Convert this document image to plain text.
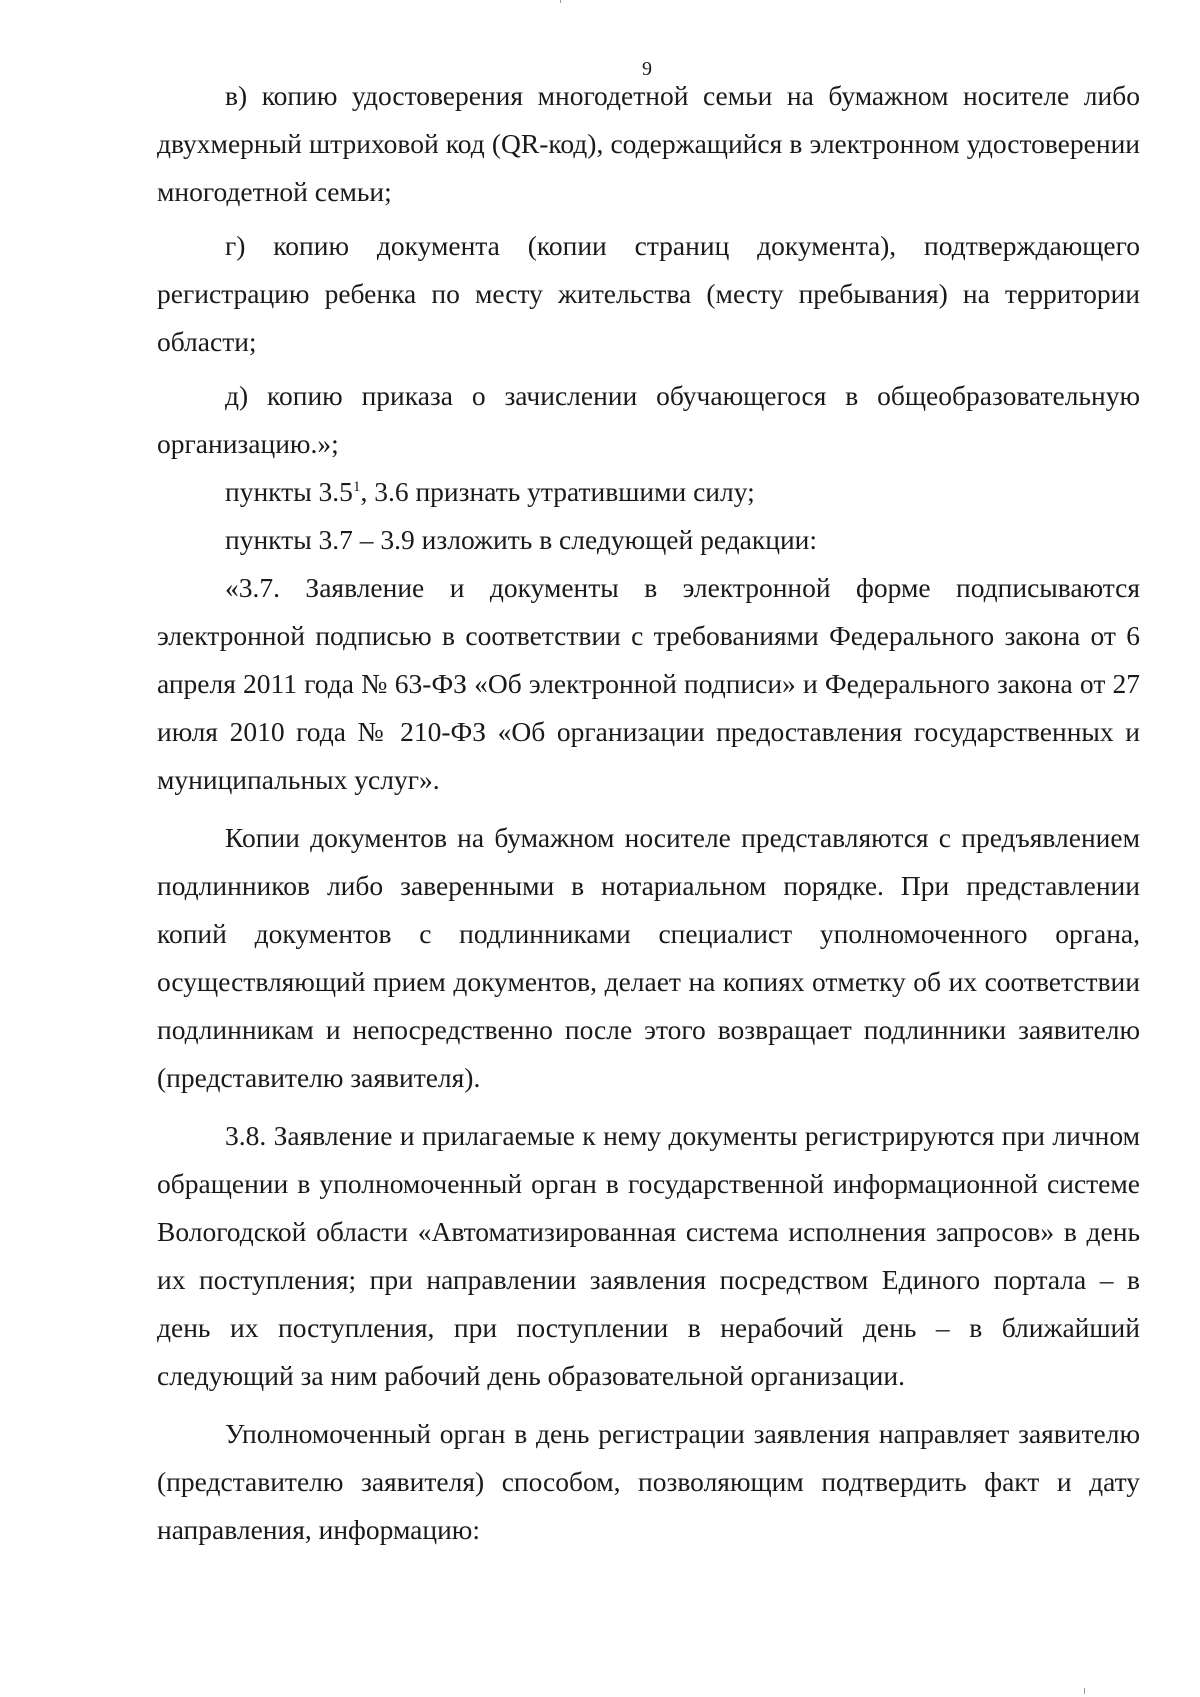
9

в) копию удостоверения многодетной семьи на бумажном носителе либо двухмерный штриховой код (QR-код), содержащийся в электронном удостоверении многодетной семьи;

г) копию документа (копии страниц документа), подтверждающего регистрацию ребенка по месту жительства (месту пребывания) на территории области;

д) копию приказа о зачислении обучающегося в общеобразовательную организацию.»;

пункты $3.5^1$, 3.6 признать утратившими силу;

пункты 3.7 – 3.9 изложить в следующей редакции:

«3.7. Заявление и документы в электронной форме подписываются электронной подписью в соответствии с требованиями Федерального закона от 6 апреля 2011 года № 63-ФЗ «Об электронной подписи» и Федерального закона от 27 июля 2010 года № 210-ФЗ «Об организации предоставления государственных и муниципальных услуг».

Копии документов на бумажном носителе представляются с предъявлением подлинников либо заверенными в нотариальном порядке. При представлении копий документов с подлинниками специалист уполномоченного органа, осуществляющий прием документов, делает на копиях отметку об их соответствии подлинникам и непосредственно после этого возвращает подлинники заявителю (представителю заявителя).

3.8. Заявление и прилагаемые к нему документы регистрируются при личном обращении в уполномоченный орган в государственной информационной системе Вологодской области «Автоматизированная система исполнения запросов» в день их поступления; при направлении заявления посредством Единого портала – в день их поступления, при поступлении в нерабочий день – в ближайший следующий за ним рабочий день образовательной организации.

Уполномоченный орган в день регистрации заявления направляет заявителю (представителю заявителя) способом, позволяющим подтвердить факт и дату направления, информацию:
